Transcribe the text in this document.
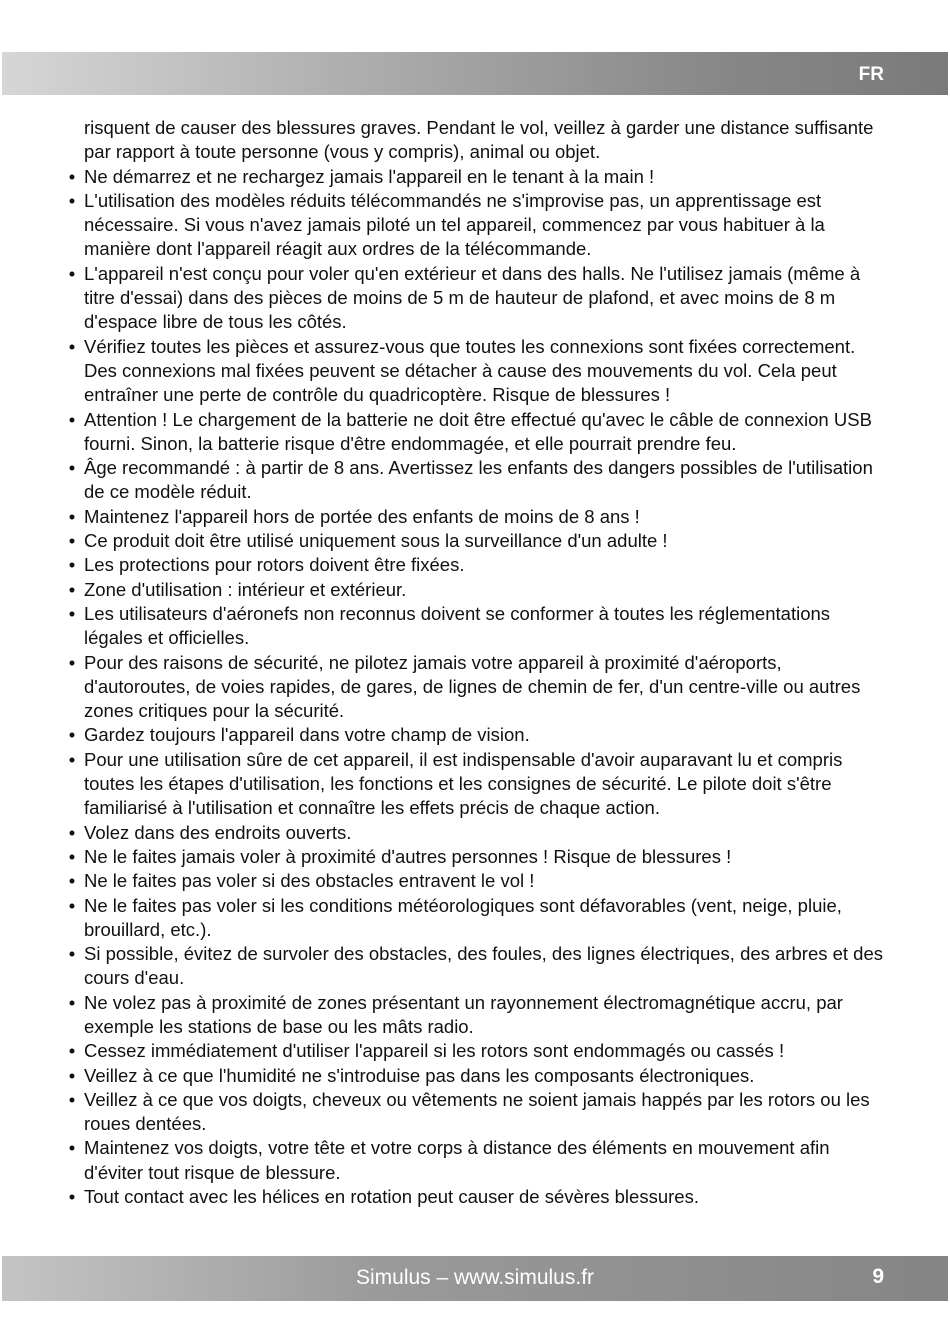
FR
risquent de causer des blessures graves. Pendant le vol, veillez à garder une distance suffisante par rapport à toute personne (vous y compris), animal ou objet.
• Ne démarrez et ne rechargez jamais l'appareil en le tenant à la main !
• L'utilisation des modèles réduits télécommandés ne s'improvise pas, un apprentissage est nécessaire. Si vous n'avez jamais piloté un tel appareil, commencez par vous habituer à la manière dont l'appareil réagit aux ordres de la télécommande.
• L'appareil n'est conçu pour voler qu'en extérieur et dans des halls. Ne l'utilisez jamais (même à titre d'essai) dans des pièces de moins de 5 m de hauteur de plafond, et avec moins de 8 m d'espace libre de tous les côtés.
• Vérifiez toutes les pièces et assurez-vous que toutes les connexions sont fixées correctement. Des connexions mal fixées peuvent se détacher à cause des mouvements du vol. Cela peut entraîner une perte de contrôle du quadricoptère. Risque de blessures !
• Attention ! Le chargement de la batterie ne doit être effectué qu'avec le câble de connexion USB fourni. Sinon, la batterie risque d'être endommagée, et elle pourrait prendre feu.
• Âge recommandé : à partir de 8 ans. Avertissez les enfants des dangers possibles de l'utilisation de ce modèle réduit.
• Maintenez l'appareil hors de portée des enfants de moins de 8 ans !
• Ce produit doit être utilisé uniquement sous la surveillance d'un adulte !
• Les protections pour rotors doivent être fixées.
• Zone d'utilisation : intérieur et extérieur.
• Les utilisateurs d'aéronefs non reconnus doivent se conformer à toutes les réglementations légales et officielles.
• Pour des raisons de sécurité, ne pilotez jamais votre appareil à proximité d'aéroports, d'autoroutes, de voies rapides, de gares, de lignes de chemin de fer, d'un centre-ville ou autres zones critiques pour la sécurité.
• Gardez toujours l'appareil dans votre champ de vision.
• Pour une utilisation sûre de cet appareil, il est indispensable d'avoir auparavant lu et compris toutes les étapes d'utilisation, les fonctions et les consignes de sécurité. Le pilote doit s'être familiarisé à l'utilisation et connaître les effets précis de chaque action.
• Volez dans des endroits ouverts.
• Ne le faites jamais voler à proximité d'autres personnes ! Risque de blessures !
• Ne le faites pas voler si des obstacles entravent le vol !
• Ne le faites pas voler si les conditions météorologiques sont défavorables (vent, neige, pluie, brouillard, etc.).
• Si possible, évitez de survoler des obstacles, des foules, des lignes électriques, des arbres et des cours d'eau.
• Ne volez pas à proximité de zones présentant un rayonnement électromagnétique accru, par exemple les stations de base ou les mâts radio.
• Cessez immédiatement d'utiliser l'appareil si les rotors sont endommagés ou cassés !
• Veillez à ce que l'humidité ne s'introduise pas dans les composants électroniques.
• Veillez à ce que vos doigts, cheveux ou vêtements ne soient jamais happés par les rotors ou les roues dentées.
• Maintenez vos doigts, votre tête et votre corps à distance des éléments en mouvement afin d'éviter tout risque de blessure.
• Tout contact avec les hélices en rotation peut causer de sévères blessures.
Simulus – www.simulus.fr	9
